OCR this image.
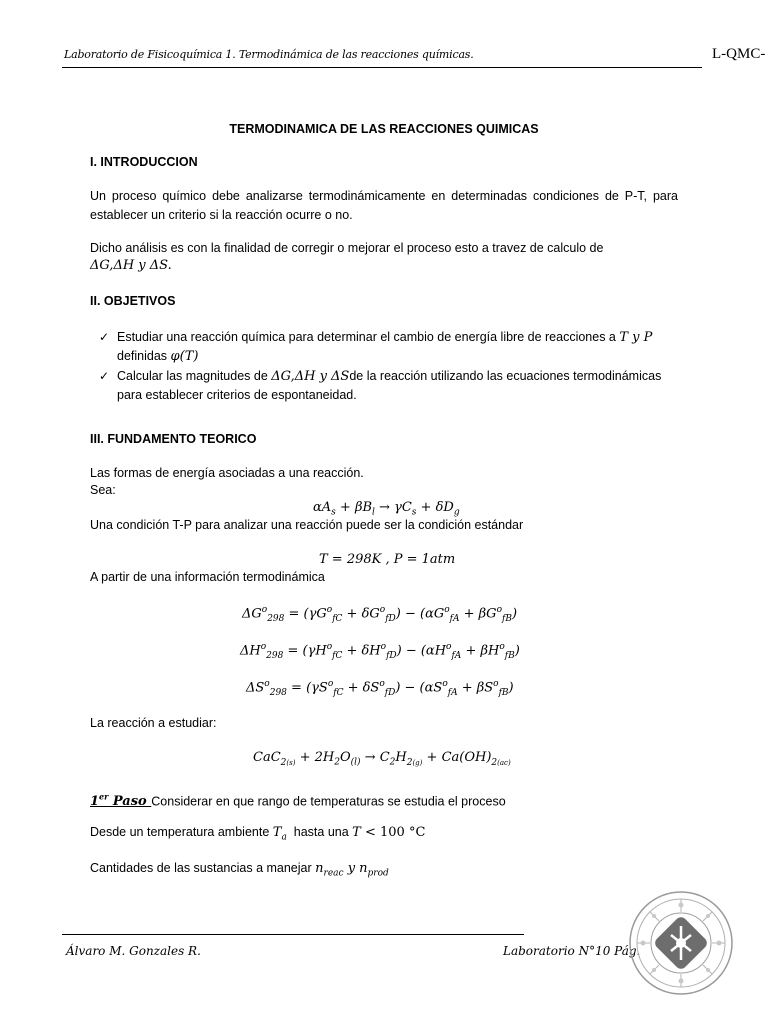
Laboratorio de Fisicoquímica 1. Termodinámica de las reacciones químicas.	L-QMC-
TERMODINAMICA DE LAS REACCIONES QUIMICAS
I. INTRODUCCION
Un proceso químico debe analizarse termodinámicamente en determinadas condiciones de P-T, para establecer un criterio si la reacción ocurre o no.
Dicho análisis es con la finalidad de corregir o mejorar el proceso esto a travez de calculo de
ΔG,ΔH y ΔS.
II. OBJETIVOS
✓ Estudiar una reacción química para determinar el cambio de energía libre de reacciones a T y P
definidas φ(T)
✓ Calcular las magnitudes de ΔG,ΔH y ΔSde la reacción utilizando las ecuaciones termodinámicas
para establecer criterios de espontaneidad.
III. FUNDAMENTO TEORICO
Las formas de energía asociadas a una reacción.
Sea:
$\alpha A_s + \beta B_l \to \gamma C_s + \delta D_g$
Una condición T-P para analizar una reacción puede ser la condición estándar
T = 298K , P = 1atm
A partir de una información termodinámica
$\Delta G^o_{298} = (\gamma G^o_{fC} + \delta G^o_{fD}) - (\alpha G^o_{fA} + \beta G^o_{fB})$
$\Delta H^o_{298} = (\gamma H^o_{fC} + \delta H^o_{fD}) - (\alpha H^o_{fA} + \beta H^o_{fB})$
$\Delta S^o_{298} = (\gamma S^o_{fC} + \delta S^o_{fD}) - (\alpha S^o_{fA} + \beta S^o_{fB})$
La reacción a estudiar:
$CaC_{2(s)} + 2H_2O_{(l)} \to C_2H_{2(g)} + Ca(OH)_{2(ac)}$
1er Paso Considerar en que rango de temperaturas se estudia el proceso
Desde un temperatura ambiente $T_a$ hasta una T < 100 °C
Cantidades de las sustancias a manejar $n_{reac}$ y $n_{prod}$
Álvaro M. Gonzales R.	Laboratorio N°10 Pág.
